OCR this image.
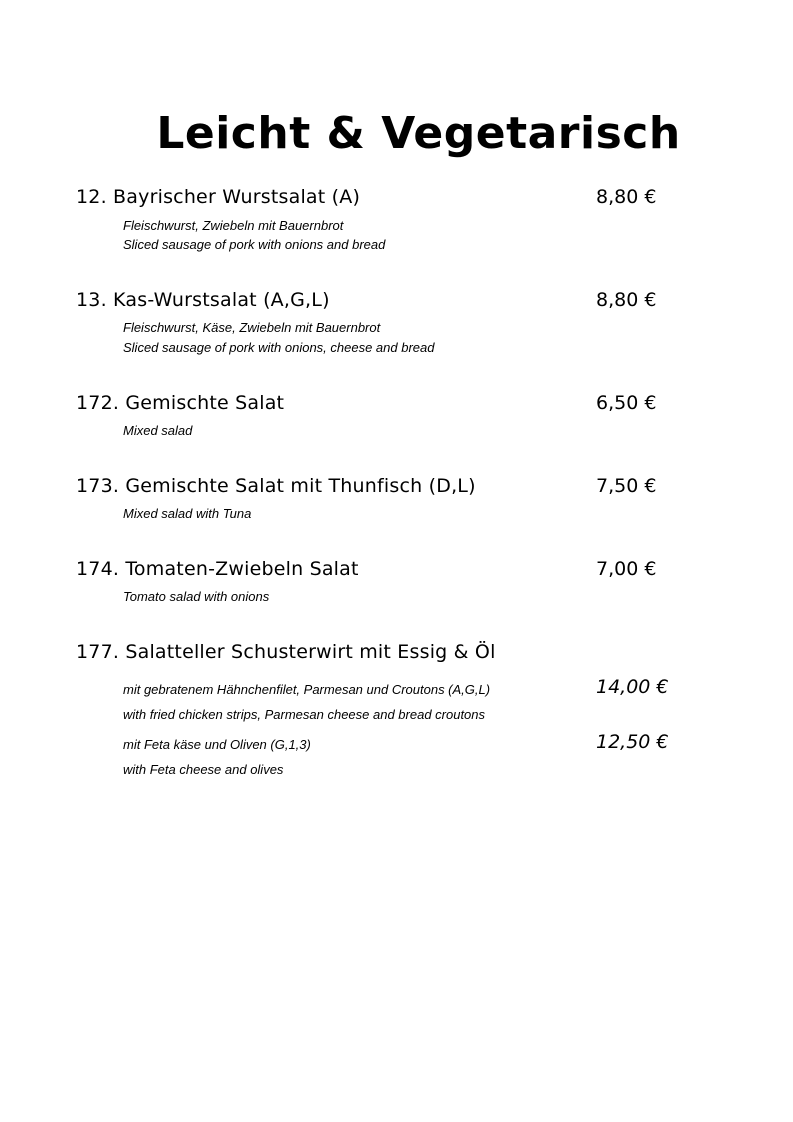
Leicht & Vegetarisch
12. Bayrischer Wurstsalat (A)	8,80 €
Fleischwurst, Zwiebeln mit Bauernbrot
Sliced sausage of pork with onions and bread
13. Kas-Wurstsalat (A,G,L)	8,80 €
Fleischwurst, Käse, Zwiebeln mit Bauernbrot
Sliced sausage of pork with onions, cheese and bread
172. Gemischte Salat	6,50 €
Mixed salad
173. Gemischte Salat mit Thunfisch (D,L)	7,50 €
Mixed salad with Tuna
174. Tomaten-Zwiebeln Salat	7,00 €
Tomato salad with onions
177. Salatteller Schusterwirt mit Essig & Öl
mit gebratenem Hähnchenfilet, Parmesan und Croutons (A,G,L)	14,00 €
with fried chicken strips, Parmesan cheese and bread croutons
mit Feta käse und Oliven (G,1,3)	12,50 €
with Feta cheese and olives
